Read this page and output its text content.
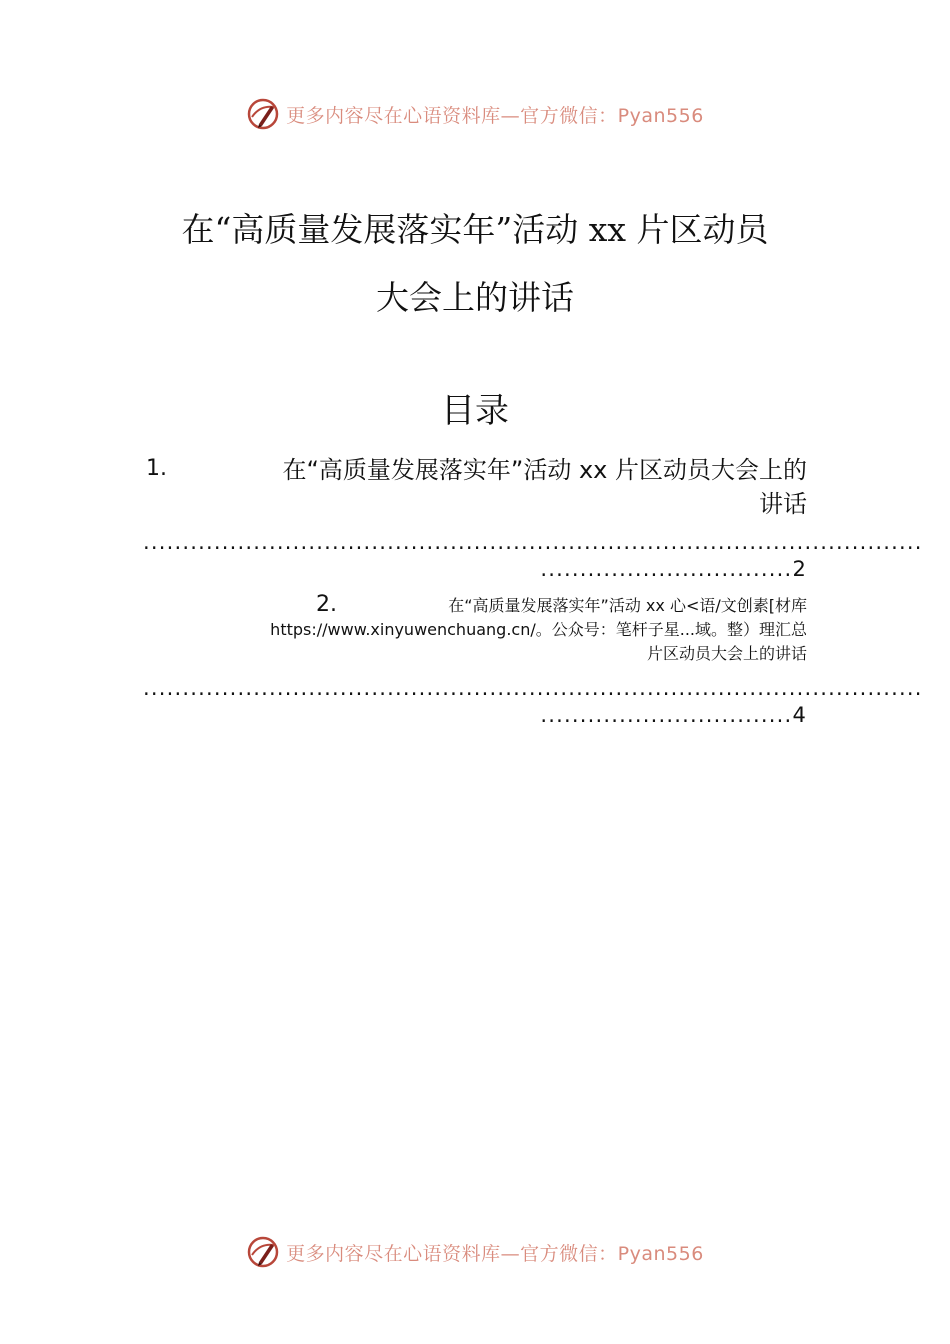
更多内容尽在心语资料库—官方微信：Pyan556
在“高质量发展落实年”活动 xx 片区动员
大会上的讲话
目录
1.	在“高质量发展落实年”活动 xx 片区动员大会上的
讲话
...................................................................................................
................................2
2.	在“高质量发展落实年”活动 xx 心<语/文创素[材库
https://www.xinyuwenchuang.cn/。公众号：笔杆子星...域。整）理汇总
片区动员大会上的讲话
...................................................................................................
................................4
更多内容尽在心语资料库—官方微信：Pyan556
